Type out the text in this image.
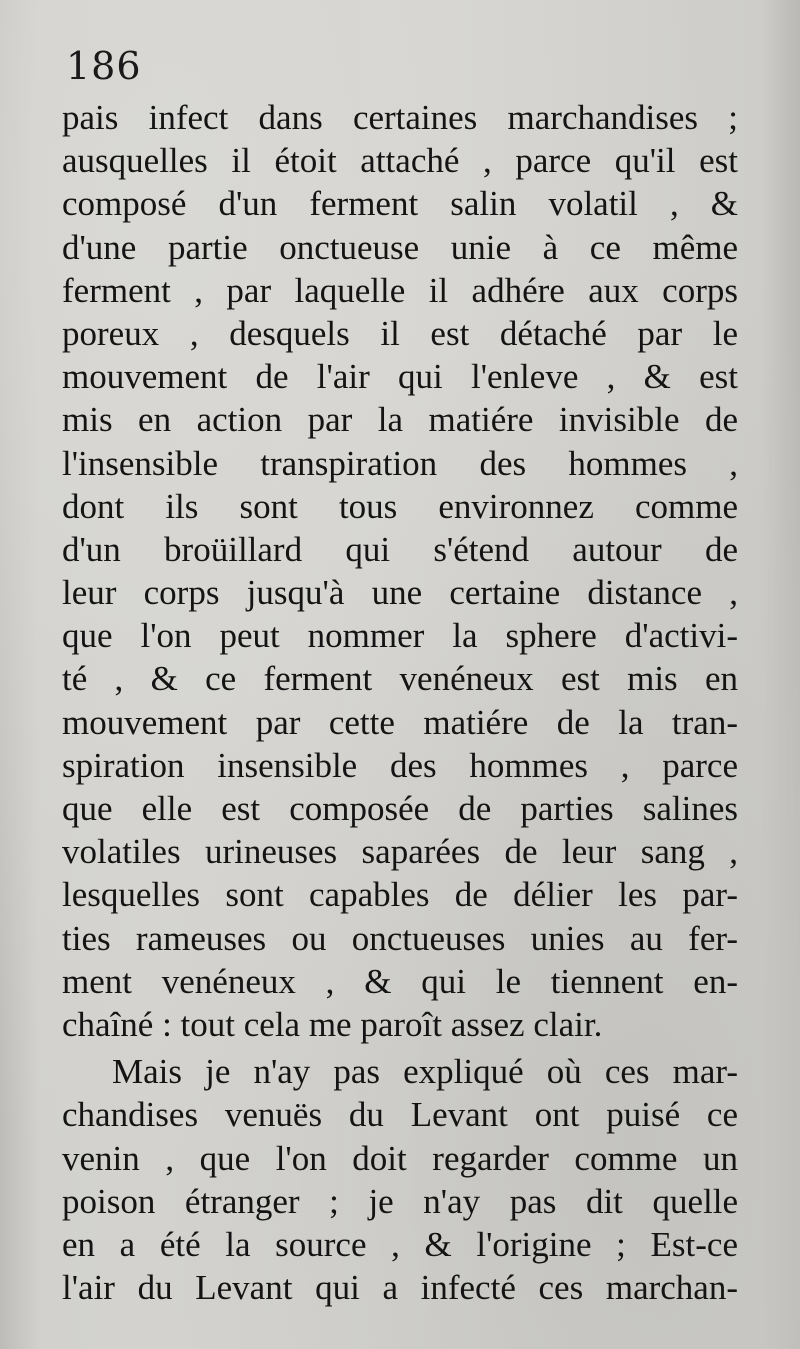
186
pais infect dans certaines marchandises ;
ausquelles il étoit attaché , parce qu'il est
composé d'un ferment salin volatil , &
d'une partie onctueuse unie à ce même
ferment , par laquelle il adhére aux corps
poreux , desquels il est détaché par le
mouvement de l'air qui l'enleve , & est
mis en action par la matiére invisible de
l'insensible transpiration des hommes ,
dont ils sont tous environnez comme
d'un broüillard qui s'étend autour de
leur corps jusqu'à une certaine distance ,
que l'on peut nommer la sphere d'activi-
té , & ce ferment venéneux est mis en
mouvement par cette matiére de la tran-
spiration insensible des hommes , parce
que elle est composée de parties salines
volatiles urineuses saparées de leur sang ,
lesquelles sont capables de délier les par-
ties rameuses ou onctueuses unies au fer-
ment venéneux , & qui le tiennent en-
chaîné : tout cela me paroît assez clair.
Mais je n'ay pas expliqué où ces mar-
chandises venuës du Levant ont puisé ce
venin , que l'on doit regarder comme un
poison étranger ; je n'ay pas dit quelle
en a été la source , & l'origine ; Est-ce
l'air du Levant qui a infecté ces marchan-
